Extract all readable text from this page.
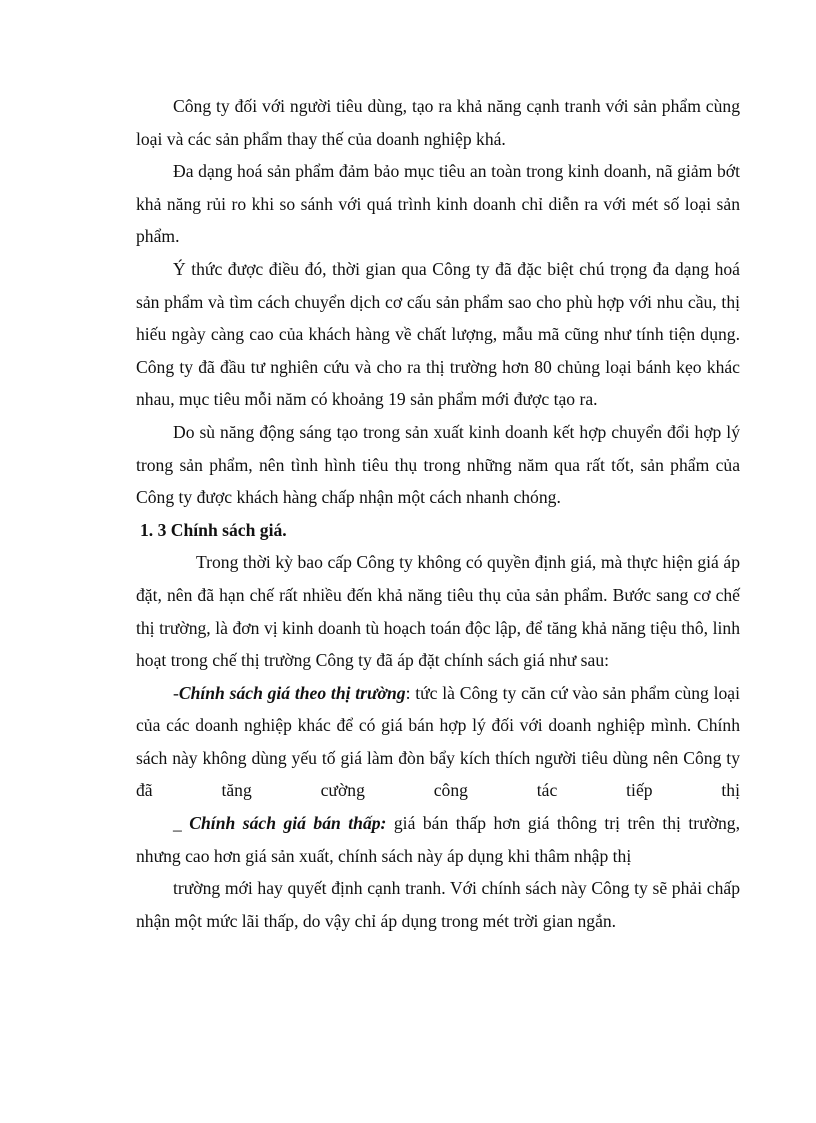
Công ty đối với người tiêu dùng, tạo ra khả năng cạnh tranh với sản phẩm cùng loại và các sản phẩm thay thế của doanh nghiệp khá.

Đa dạng hoá sản phẩm đảm bảo mục tiêu an toàn trong kinh doanh, nã giảm bớt khả năng rủi ro khi so sánh với quá trình kinh doanh chỉ diễn ra với mét số loại sản phẩm.

Ý thức được điều đó, thời gian qua Công ty đã đặc biệt chú trọng đa dạng hoá sản phẩm và tìm cách chuyển dịch cơ cấu sản phẩm sao cho phù hợp với nhu cầu, thị hiếu ngày càng cao của khách hàng về chất lượng, mẫu mã cũng như tính tiện dụng. Công ty đã đầu tư nghiên cứu và cho ra thị trường hơn 80 chủng loại bánh kẹo khác nhau, mục tiêu mỗi năm có khoảng 19 sản phẩm mới được tạo ra.

Do sù năng động sáng tạo trong sản xuất kinh doanh kết hợp chuyển đổi hợp lý trong sản phẩm, nên tình hình tiêu thụ trong những năm qua rất tốt, sản phẩm của Công ty được khách hàng chấp nhận một cách nhanh chóng.

1. 3 Chính sách giá.

Trong thời kỳ bao cấp Công ty không có quyền định giá, mà thực hiện giá áp đặt, nên đã hạn chế rất nhiều đến khả năng tiêu thụ của sản phẩm. Bước sang cơ chế thị trường, là đơn vị kinh doanh tù hoạch toán độc lập, để tăng khả năng tiệu thô, linh hoạt trong chế thị trường Công ty đã áp đặt chính sách giá như sau:

-Chính sách giá theo thị trường: tức là Công ty căn cứ vào sản phẩm cùng loại của các doanh nghiệp khác để có giá bán hợp lý đối với doanh nghiệp mình. Chính sách này không dùng yếu tố giá làm đòn bẩy kích thích người tiêu dùng nên Công ty đã tăng cường công tác tiếp thị

_ Chính sách giá bán thấp: giá bán thấp hơn giá thông trị trên thị trường, nhưng cao hơn giá sản xuất, chính sách này áp dụng khi thâm nhập thị

trường mới hay quyết định cạnh tranh. Với chính sách này Công ty sẽ phải chấp nhận một mức lãi thấp, do vậy chỉ áp dụng trong mét trời gian ngắn.
